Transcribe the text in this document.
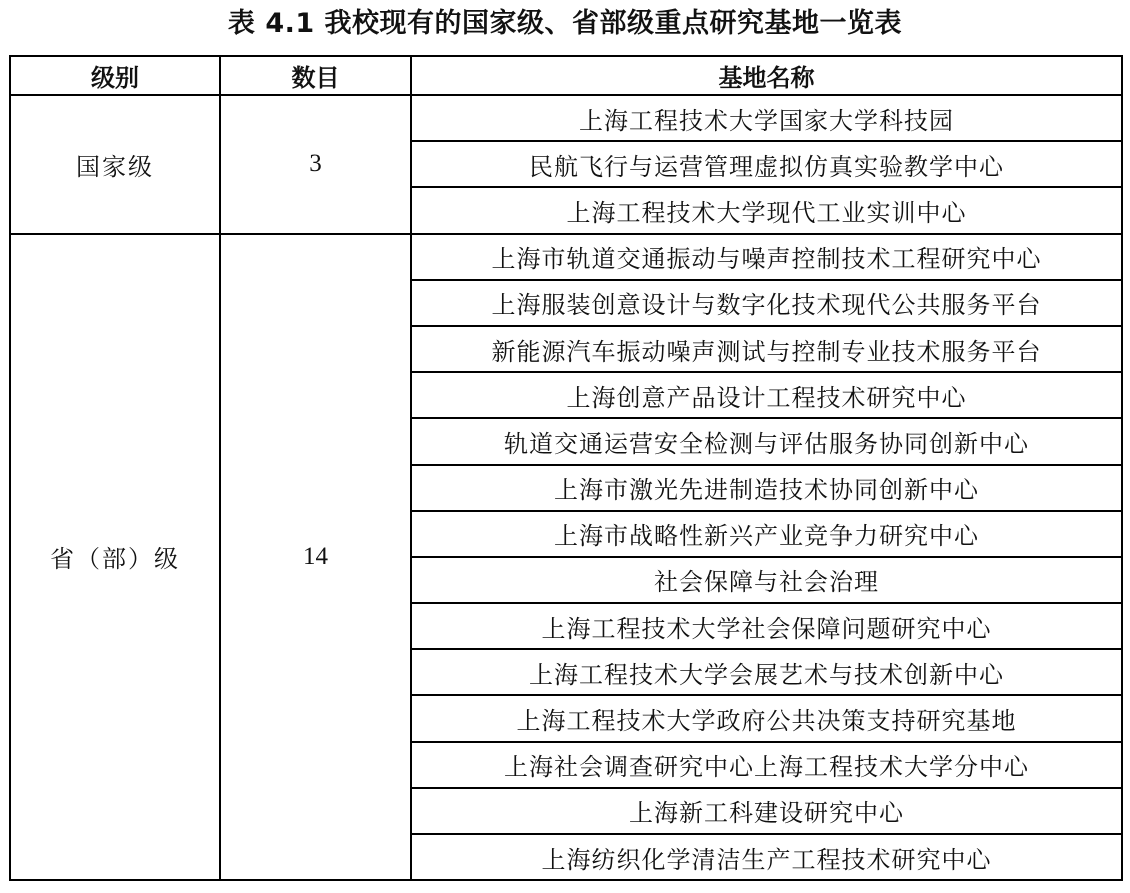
表 4.1 我校现有的国家级、省部级重点研究基地一览表
级别	数目	基地名称
国家级	3	上海工程技术大学国家大学科技园
		民航飞行与运营管理虚拟仿真实验教学中心
		上海工程技术大学现代工业实训中心
省（部）级	14	上海市轨道交通振动与噪声控制技术工程研究中心
		上海服装创意设计与数字化技术现代公共服务平台
		新能源汽车振动噪声测试与控制专业技术服务平台
		上海创意产品设计工程技术研究中心
		轨道交通运营安全检测与评估服务协同创新中心
		上海市激光先进制造技术协同创新中心
		上海市战略性新兴产业竞争力研究中心
		社会保障与社会治理
		上海工程技术大学社会保障问题研究中心
		上海工程技术大学会展艺术与技术创新中心
		上海工程技术大学政府公共决策支持研究基地
		上海社会调查研究中心上海工程技术大学分中心
		上海新工科建设研究中心
		上海纺织化学清洁生产工程技术研究中心
